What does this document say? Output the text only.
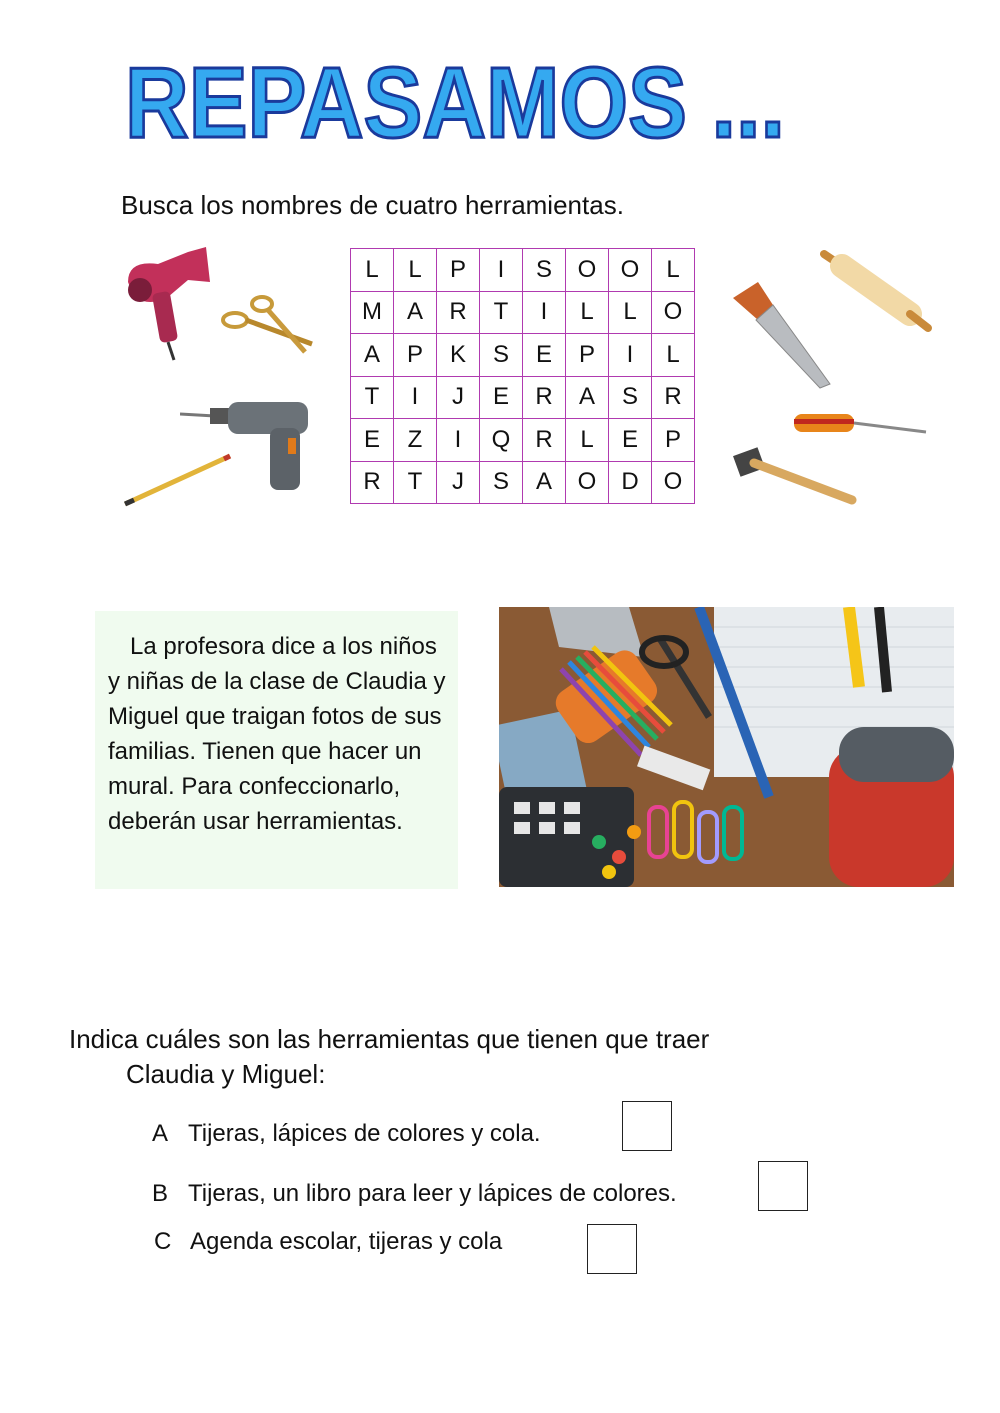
REPASAMOS ...
Busca los nombres de cuatro herramientas.
L	L	P	I	S	O	O	L
M	A	R	T	I	L	L	O
A	P	K	S	E	P	I	L
T	I	J	E	R	A	S	R
E	Z	I	Q	R	L	E	P
R	T	J	S	A	O	D	O
La profesora dice a los niños y niñas de la clase de Claudia y Miguel que traigan fotos de sus familias. Tienen que hacer un mural. Para confeccionarlo, deberán usar herramientas.
Indica cuáles son las herramientas que tienen que traer
Claudia y Miguel:
A Tijeras, lápices de colores y cola.
B Tijeras, un libro para leer y lápices de colores.
C Agenda escolar, tijeras y cola
